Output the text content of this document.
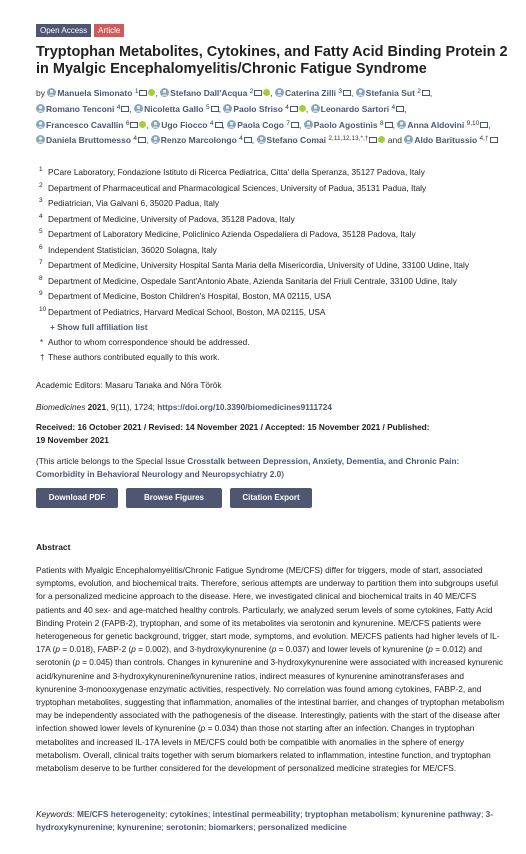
Open Access	Article
Tryptophan Metabolites, Cytokines, and Fatty Acid Binding Protein 2 in Myalgic Encephalomyelitis/Chronic Fatigue Syndrome
by Manuela Simonato $^1$ , Stefano Dall'Acqua $^2$ , Caterina Zilli $^3$ , Stefania Sut $^2$ , Romano Tenconi $^4$ , Nicoletta Gallo $^5$ , Paolo Sfriso $^4$ , Leonardo Sartori $^4$ , Francesco Cavallin $^6$ , Ugo Fiocco $^4$ , Paola Cogo $^7$ , Paolo Agostinis $^8$ , Anna Aldovini $^{9,10}$ , Daniela Bruttomesso $^4$ , Renzo Marcolongo $^4$ , Stefano Comai $^{2,11,12,13,*,\dagger}$ and Aldo Baritussio $^{4,\dagger}$
1 PCare Laboratory, Fondazione Istituto di Ricerca Pediatrica, Citta' della Speranza, 35127 Padova, Italy
2 Department of Pharmaceutical and Pharmacological Sciences, University of Padua, 35131 Padua, Italy
3 Pediatrician, Via Galvani 6, 35020 Padua, Italy
4 Department of Medicine, University of Padova, 35128 Padova, Italy
5 Department of Laboratory Medicine, Policlinico Azienda Ospedaliera di Padova, 35128 Padova, Italy
6 Independent Statistician, 36020 Solagna, Italy
7 Department of Medicine, University Hospital Santa Maria della Misericordia, University of Udine, 33100 Udine, Italy
8 Department of Medicine, Ospedale Sant'Antonio Abate, Azienda Sanitaria del Friuli Centrale, 33100 Udine, Italy
9 Department of Medicine, Boston Children's Hospital, Boston, MA 02115, USA
10 Department of Pediatrics, Harvard Medical School, Boston, MA 02115, USA
+ Show full affiliation list
* Author to whom correspondence should be addressed.
† These authors contributed equally to this work.
Academic Editors: Masaru Tanaka and Nóra Török
Biomedicines 2021, 9(11), 1724; https://doi.org/10.3390/biomedicines9111724
Received: 16 October 2021 / Revised: 14 November 2021 / Accepted: 15 November 2021 / Published: 19 November 2021
(This article belongs to the Special Issue Crosstalk between Depression, Anxiety, Dementia, and Chronic Pain: Comorbidity in Behavioral Neurology and Neuropsychiatry 2.0)
Download PDF	Browse Figures	Citation Export
Abstract
Patients with Myalgic Encephalomyelitis/Chronic Fatigue Syndrome (ME/CFS) differ for triggers, mode of start, associated symptoms, evolution, and biochemical traits. Therefore, serious attempts are underway to partition them into subgroups useful for a personalized medicine approach to the disease. Here, we investigated clinical and biochemical traits in 40 ME/CFS patients and 40 sex- and age-matched healthy controls. Particularly, we analyzed serum levels of some cytokines, Fatty Acid Binding Protein 2 (FAPB-2), tryptophan, and some of its metabolites via serotonin and kynurenine. ME/CFS patients were heterogeneous for genetic background, trigger, start mode, symptoms, and evolution. ME/CFS patients had higher levels of IL-17A (p = 0.018), FABP-2 (p = 0.002), and 3-hydroxykynurenine (p = 0.037) and lower levels of kynurenine (p = 0.012) and serotonin (p = 0.045) than controls. Changes in kynurenine and 3-hydroxykynurenine were associated with increased kynurenic acid/kynurenine and 3-hydroxykynurenine/kynurenine ratios, indirect measures of kynurenine aminotransferases and kynurenine 3-monooxygenase enzymatic activities, respectively. No correlation was found among cytokines, FABP-2, and tryptophan metabolites, suggesting that inflammation, anomalies of the intestinal barrier, and changes of tryptophan metabolism may be independently associated with the pathogenesis of the disease. Interestingly, patients with the start of the disease after infection showed lower levels of kynurenine (p = 0.034) than those not starting after an infection. Changes in tryptophan metabolites and increased IL-17A levels in ME/CFS could both be compatible with anomalies in the sphere of energy metabolism. Overall, clinical traits together with serum biomarkers related to inflammation, intestine function, and tryptophan metabolism deserve to be further considered for the development of personalized medicine strategies for ME/CFS.
Keywords: ME/CFS heterogeneity; cytokines; intestinal permeability; tryptophan metabolism; kynurenine pathway; 3-hydroxykynurenine; kynurenine; serotonin; biomarkers; personalized medicine
